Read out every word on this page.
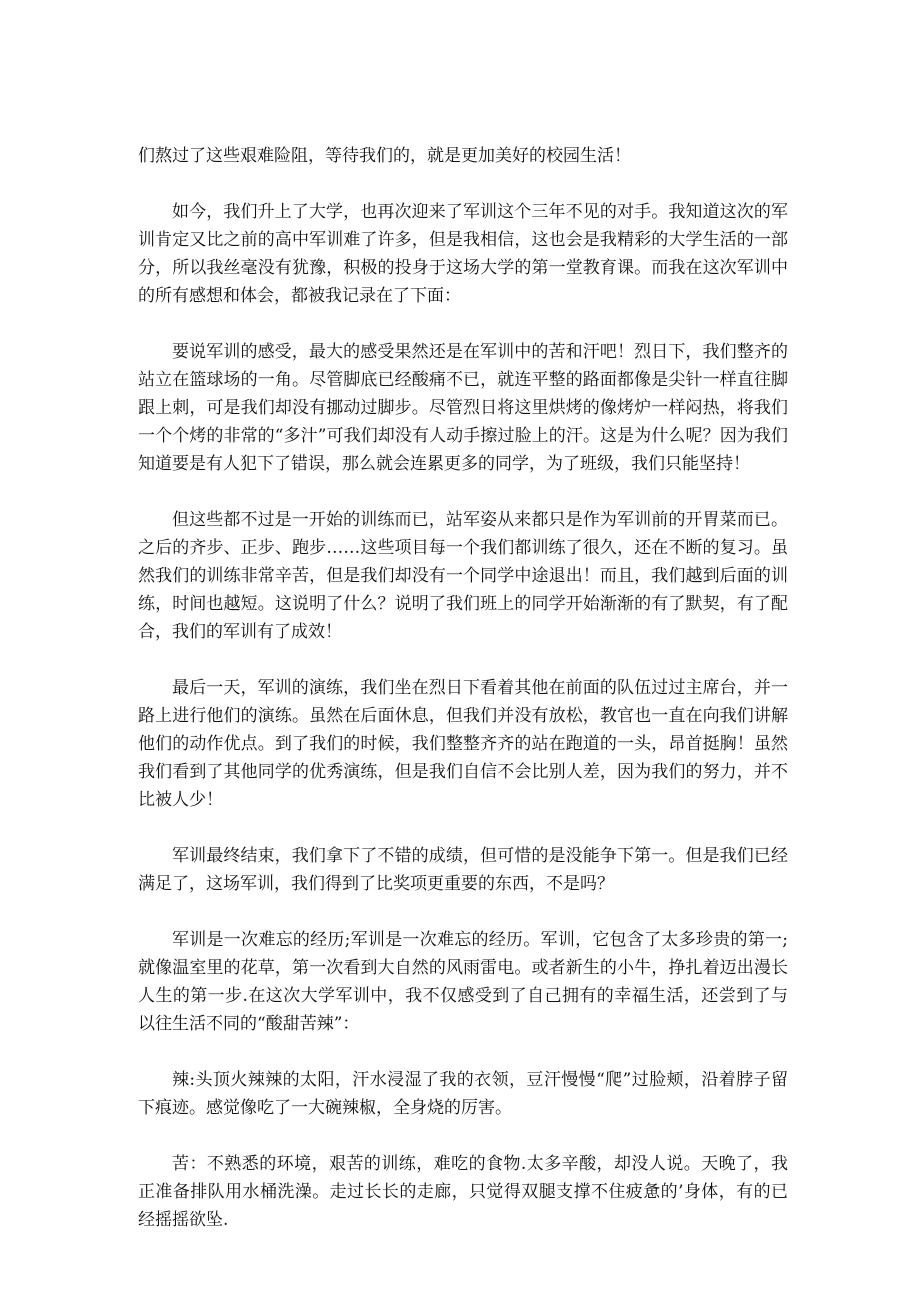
们熬过了这些艰难险阻，等待我们的，就是更加美好的校园生活！

如今，我们升上了大学，也再次迎来了军训这个三年不见的对手。我知道这次的军训肯定又比之前的高中军训难了许多，但是我相信，这也会是我精彩的大学生活的一部分，所以我丝毫没有犹豫，积极的投身于这场大学的第一堂教育课。而我在这次军训中的所有感想和体会，都被我记录在了下面：

要说军训的感受，最大的感受果然还是在军训中的苦和汗吧！烈日下，我们整齐的站立在篮球场的一角。尽管脚底已经酸痛不已，就连平整的路面都像是尖针一样直往脚跟上刺，可是我们却没有挪动过脚步。尽管烈日将这里烘烤的像烤炉一样闷热，将我们一个个烤的非常的“多汁”可我们却没有人动手擦过脸上的汗。这是为什么呢？因为我们知道要是有人犯下了错误，那么就会连累更多的同学，为了班级，我们只能坚持！

但这些都不过是一开始的训练而已，站军姿从来都只是作为军训前的开胃菜而已。之后的齐步、正步、跑步……这些项目每一个我们都训练了很久，还在不断的复习。虽然我们的训练非常辛苦，但是我们却没有一个同学中途退出！而且，我们越到后面的训练，时间也越短。这说明了什么？说明了我们班上的同学开始渐渐的有了默契，有了配合，我们的军训有了成效！

最后一天，军训的演练，我们坐在烈日下看着其他在前面的队伍过过主席台，并一路上进行他们的演练。虽然在后面休息，但我们并没有放松，教官也一直在向我们讲解他们的动作优点。到了我们的时候，我们整整齐齐的站在跑道的一头，昂首挺胸！虽然我们看到了其他同学的优秀演练，但是我们自信不会比别人差，因为我们的努力，并不比被人少！

军训最终结束，我们拿下了不错的成绩，但可惜的是没能争下第一。但是我们已经满足了，这场军训，我们得到了比奖项更重要的东西，不是吗？

军训是一次难忘的经历;军训是一次难忘的经历。军训，它包含了太多珍贵的第一;就像温室里的花草，第一次看到大自然的风雨雷电。或者新生的小牛，挣扎着迈出漫长人生的第一步.在这次大学军训中，我不仅感受到了自己拥有的幸福生活，还尝到了与以往生活不同的“酸甜苦辣”：

辣:头顶火辣辣的太阳，汗水浸湿了我的衣领，豆汗慢慢“爬”过脸颊，沿着脖子留下痕迹。感觉像吃了一大碗辣椒，全身烧的厉害。

苦：不熟悉的环境，艰苦的训练，难吃的食物.太多辛酸，却没人说。天晚了，我正准备排队用水桶洗澡。走过长长的走廊，只觉得双腿支撑不住疲惫的’身体，有的已经摇摇欲坠.
